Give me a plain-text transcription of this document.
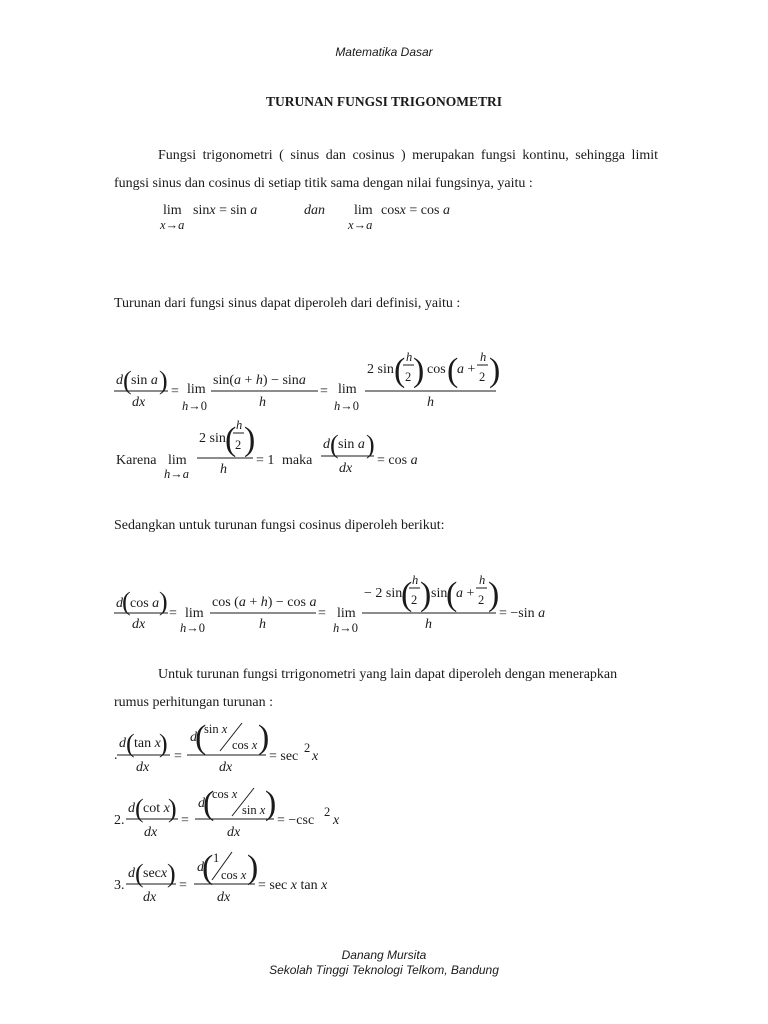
Matematika Dasar
TURUNAN FUNGSI TRIGONOMETRI

Fungsi trigonometri ( sinus dan cosinus ) merupakan fungsi kontinu, sehingga limit fungsi sinus dan cosinus di setiap titik sama dengan nilai fungsinya, yaitu :

lim
x→a
sinx = sin a	dan lim
x→a
cosx = cos a
d ( sin a )
dx
= lim
h→0
sin(a + h) − sina
h
= lim
h→0
2 sin ( h
2 ) cos (
a +
h
2 )
h
Karena lim
h→a
2 sin ( h
2 )
h
= 1 maka
d ( sin a )
dx
= cos a
d ( cos a )
dx
= lim
h→0
cos (a + h) − cos a
h
= lim
h→0
− 2 sin
( h
2 ) sin
(
a +
h
2 )
h
= −sin a
.
d ( tan x
)
dx
=
d
(
sin x
cos x )
dx
= sec
2
x
2.
d ( cot x
)
dx
=
d
(
cos x
sin x )
dx
= −csc
2
x
3.
d ( secx )
dx
=
d
( 1
cos x )
dx
= sec x tan x
Turunan dari fungsi sinus dapat diperoleh dari definisi, yaitu :
Sedangkan untuk turunan fungsi cosinus diperoleh berikut:
Untuk turunan fungsi trrigonometri yang lain dapat diperoleh dengan menerapkan
rumus perhitungan turunan :
Danang Mursita
Sekolah Tinggi Teknologi Telkom, Bandung
